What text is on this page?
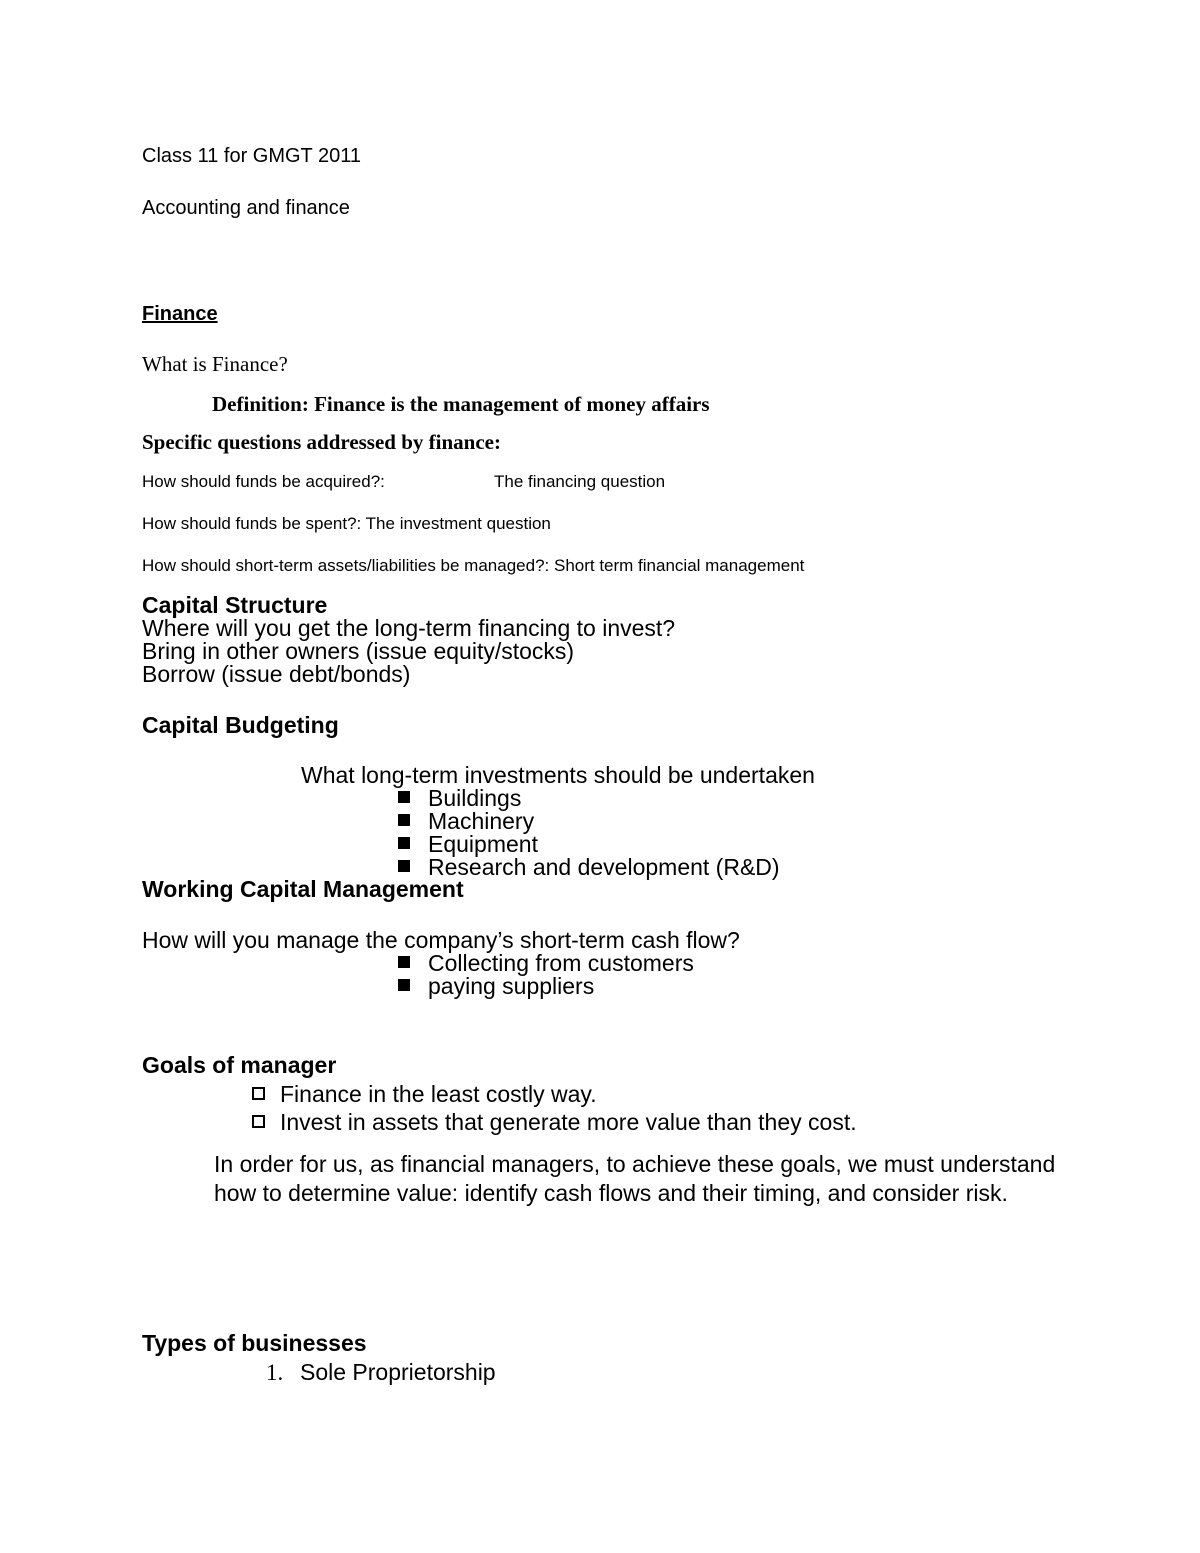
Class 11 for GMGT 2011
Accounting and finance
Finance
What is Finance?
Definition: Finance is the management of money affairs
Specific questions addressed by finance:
How should funds be acquired?:	The financing question
How should funds be spent?: The investment question
How should short-term assets/liabilities be managed?: Short term financial management
Capital Structure
Where will you get the long-term financing to invest?
Bring in other owners (issue equity/stocks)
Borrow (issue debt/bonds)
Capital Budgeting
What long-term investments should be undertaken
Buildings
Machinery
Equipment
Research and development (R&D)
Working Capital Management
How will you manage the company’s short-term cash flow?
Collecting from customers
paying suppliers
Goals of manager
Finance in the least costly way.
Invest in assets that generate more value than they cost.
In order for us, as financial managers, to achieve these goals, we must understand how to determine value: identify cash flows and their timing, and consider risk.
Types of businesses
1. Sole Proprietorship
